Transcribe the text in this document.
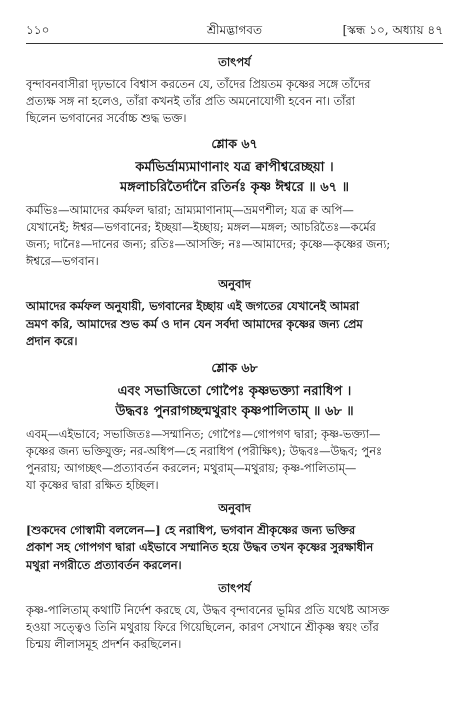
১১০	শ্রীমদ্ভাগবত	[স্কন্ধ ১০, অধ্যায় ৪৭
তাৎপর্য

বৃন্দাবনবাসীরা দৃঢ়ভাবে বিশ্বাস করতেন যে, তাঁদের প্রিয়তম কৃষ্ণের সঙ্গে তাঁদের

প্রত্যক্ষ সঙ্গ না হলেও, তাঁরা কখনই তাঁর প্রতি অমনোযোগী হবেন না। তাঁরা

ছিলেন ভগবানের সর্বোচ্চ শুদ্ধ ভক্ত।

শ্লোক ৬৭
কর্মভির্ভ্রাম্যমাণানাং যত্র ক্বাপীশ্বরেচ্ছয়া ।
মঙ্গলাচরিতৈর্দানৈ রতির্নঃ কৃষ্ণ ঈশ্বরে ॥ ৬৭ ॥

কর্মভিঃ—আমাদের কর্মফল দ্বারা; ভ্রাম্যমাণানাম্‌—ভ্রমণশীল; যত্র ক্ব অপি—

যেখানেই; ঈশ্বর—ভগবানের; ইচ্ছয়া—ইচ্ছায়; মঙ্গল—মঙ্গল; আচরিতৈঃ—কর্মের

জন্য; দানৈঃ—দানের জন্য; রতিঃ—আসক্তি; নঃ—আমাদের; কৃষ্ণে—কৃষ্ণের জন্য;

ঈশ্বরে—ভগবান।

অনুবাদ

আমাদের কর্মফল অনুযায়ী, ভগবানের ইচ্ছায় এই জগতের যেখানেই আমরা

ভ্রমণ করি, আমাদের শুভ কর্ম ও দান যেন সর্বদা আমাদের কৃষ্ণের জন্য প্রেম

প্রদান করে।

শ্লোক ৬৮
এবং সভাজিতো গোপৈঃ কৃষ্ণভক্ত্যা নরাধিপ ।
উদ্ধবঃ পুনরাগচ্ছন্মথুরাং কৃষ্ণপালিতাম্‌ ॥ ৬৮ ॥

এবম্‌—এইভাবে; সভাজিতঃ—সম্মানিত; গোপৈঃ—গোপগণ দ্বারা; কৃষ্ণ-ভক্ত্যা—

কৃষ্ণের জন্য ভক্তিযুক্ত; নর-অধিপ—হে নরাধিপ (পরীক্ষিৎ); উদ্ধবঃ—উদ্ধব; পুনঃ

পুনরায়; আগচ্ছৎ—প্রত্যাবর্তন করলেন; মথুরাম্‌—মথুরায়; কৃষ্ণ-পালিতাম্‌—

যা কৃষ্ণের দ্বারা রক্ষিত হচ্ছিল।

অনুবাদ

[শুকদেব গোস্বামী বললেন—] হে নরাধিপ, ভগবান শ্রীকৃষ্ণের জন্য ভক্তির

প্রকাশ সহ গোপগণ দ্বারা এইভাবে সম্মানিত হয়ে উদ্ধব তখন কৃষ্ণের সুরক্ষাধীন

মথুরা নগরীতে প্রত্যাবর্তন করলেন।

তাৎপর্য

কৃষ্ণ-পালিতাম্‌ কথাটি নির্দেশ করছে যে, উদ্ধব বৃন্দাবনের ভূমির প্রতি যথেষ্ট আসক্ত

হওয়া সত্ত্বেও তিনি মথুরায় ফিরে গিয়েছিলেন, কারণ সেখানে শ্রীকৃষ্ণ স্বয়ং তাঁর

চিন্ময় লীলাসমূহ প্রদর্শন করছিলেন।
